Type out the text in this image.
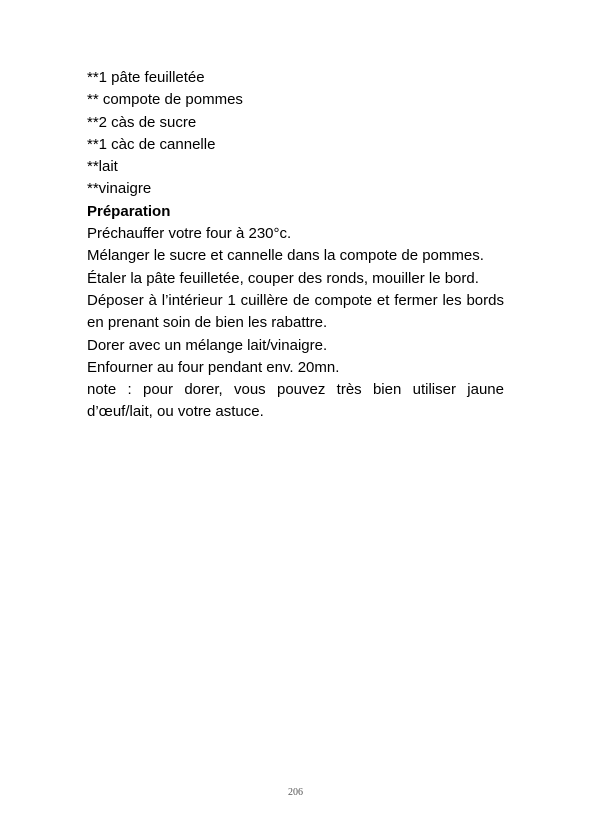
**1 pâte feuilletée
** compote de pommes
**2 càs de sucre
**1 càc de cannelle
**lait
**vinaigre
Préparation

Préchauffer votre four à 230°c.

Mélanger le sucre et cannelle dans la compote de pommes.

Étaler la pâte feuilletée, couper des ronds, mouiller le bord.

Déposer à l’intérieur 1 cuillère de compote et fermer les bords en prenant soin de bien les rabattre.

Dorer avec un mélange lait/vinaigre.

Enfourner au four pendant env. 20mn.

note : pour dorer, vous pouvez très bien utiliser jaune d’œuf/lait, ou votre astuce.

206
